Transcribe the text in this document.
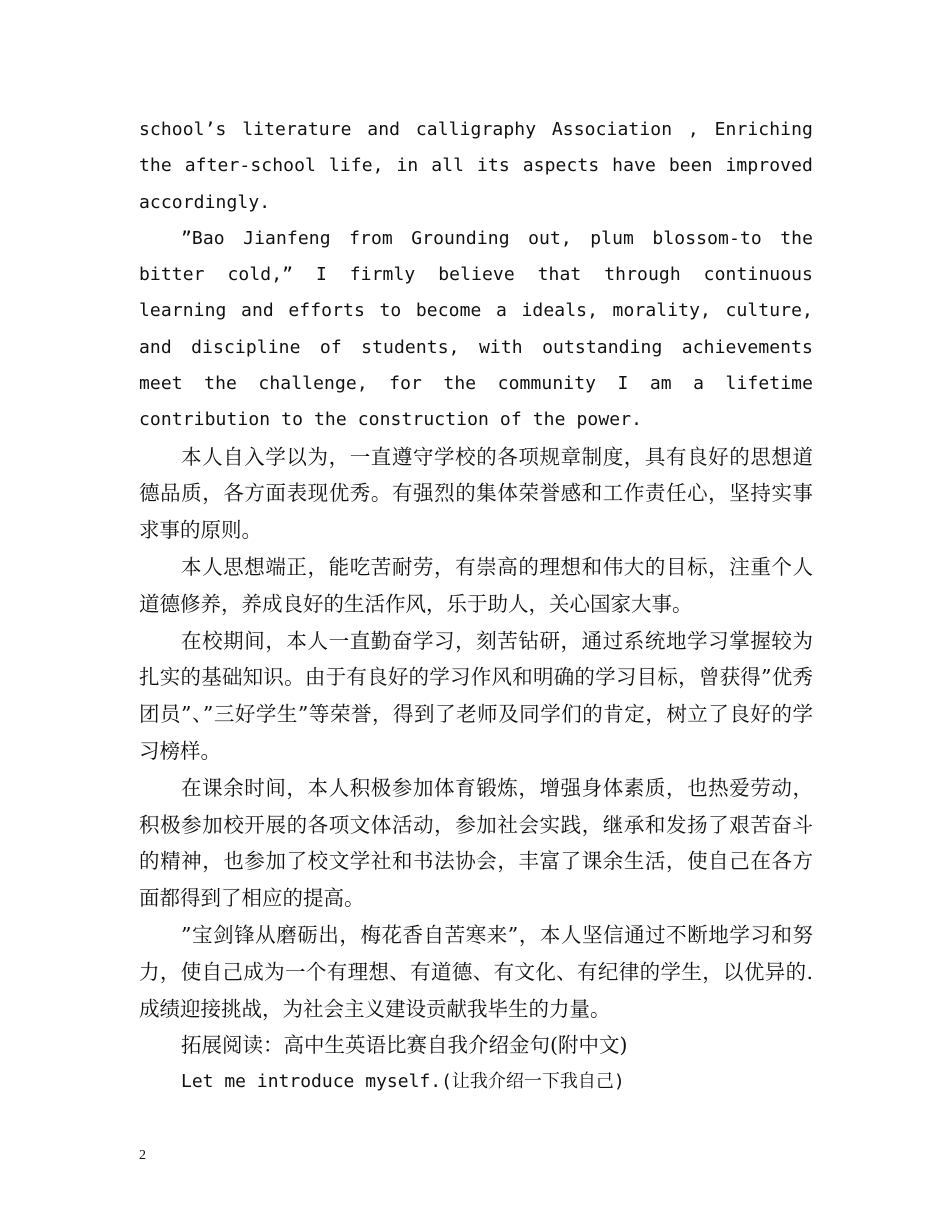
school’s literature and calligraphy Association , Enriching the after-school life, in all its aspects have been improved accordingly.

”Bao Jianfeng from Grounding out, plum blossom-to the bitter cold,” I firmly believe that through continuous learning and efforts to become a ideals, morality, culture, and discipline of students, with outstanding achievements meet the challenge, for the community I am a lifetime contribution to the construction of the power.

本人自入学以为，一直遵守学校的各项规章制度，具有良好的思想道 德品质，各方面表现优秀。有强烈的集体荣誉感和工作责任心，坚持实事求事的原则。

本人思想端正，能吃苦耐劳，有崇高的理想和伟大的目标，注重个人道德修养，养成良好的生活作风，乐于助人，关心国家大事。

在校期间，本人一直勤奋学习，刻苦钻研，通过系统地学习掌握较为扎实的基础知识。由于有良好的学习作风和明确的学习目标，曾获得”优秀团员”、”三好学生”等荣誉，得到了老师及同学们的肯定，树立了良好的学习榜样。

在课余时间，本人积极参加体育锻炼，增强身体素质，也热爱劳动，积极参加校开展的各项文体活动，参加社会实践，继承和发扬了艰苦奋斗的精神，也参加了校文学社和书法协会，丰富了课余生活，使自己在各方面都得到了相应的提高。

”宝剑锋从磨砺出，梅花香自苦寒来”，本人坚信通过不断地学习和努力，使自己成为一个有理想、有道德、有文化、有纪律的学生，以优异的.成绩迎接挑战，为社会主义建设贡献我毕生的力量。

拓展阅读：高中生英语比赛自我介绍金句(附中文)

Let me introduce myself.(让我介绍一下我自己)

2
